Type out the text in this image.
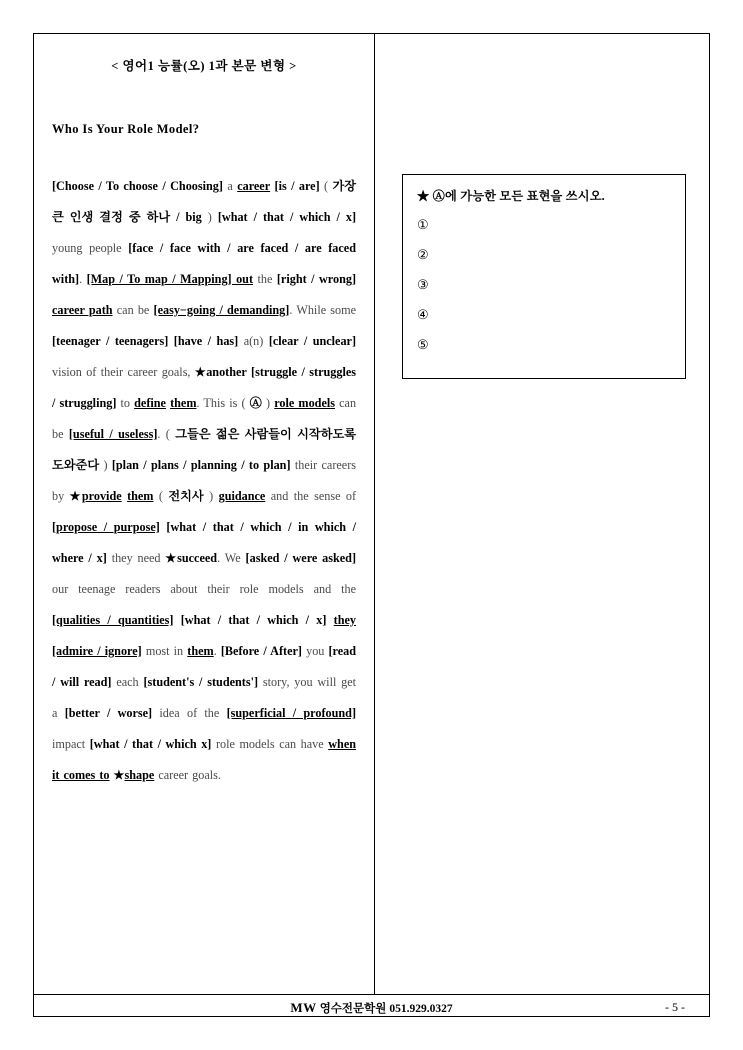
< 영어1 능률(오) 1과 본문 변형 >
Who Is Your Role Model?
[Choose / To choose / Choosing] a career [is / are] ( 가장 큰 인생 결정 중 하나 / big ) [what / that / which / x] young people [face / face with / are faced / are faced with]. [Map / To map / Mapping] out the [right / wrong] career path can be [easy−going / demanding]. While some [teenager / teenagers] [have / has] a(n) [clear / unclear] vision of their career goals, ★another [struggle / struggles / struggling] to define them. This is ( Ⓐ ) role models can be [useful / useless]. ( 그들은 젊은 사람들이 시작하도록 도와준다 ) [plan / plans / planning / to plan] their careers by ★provide them ( 전치사 ) guidance and the sense of [propose / purpose] [what / that / which / in which / where / x] they need ★succeed. We [asked / were asked] our teenage readers about their role models and the [qualities / quantities] [what / that / which / x] they [admire / ignore] most in them. [Before / After] you [read / will read] each [student's / students'] story, you will get a [better / worse] idea of the [superficial / profound] impact [what / that / which x] role models can have when it comes to ★shape career goals.
★ Ⓐ에 가능한 모든 표현을 쓰시오.
①
②
③
④
⑤
MW 영수전문학원 051.929.0327	- 5 -
